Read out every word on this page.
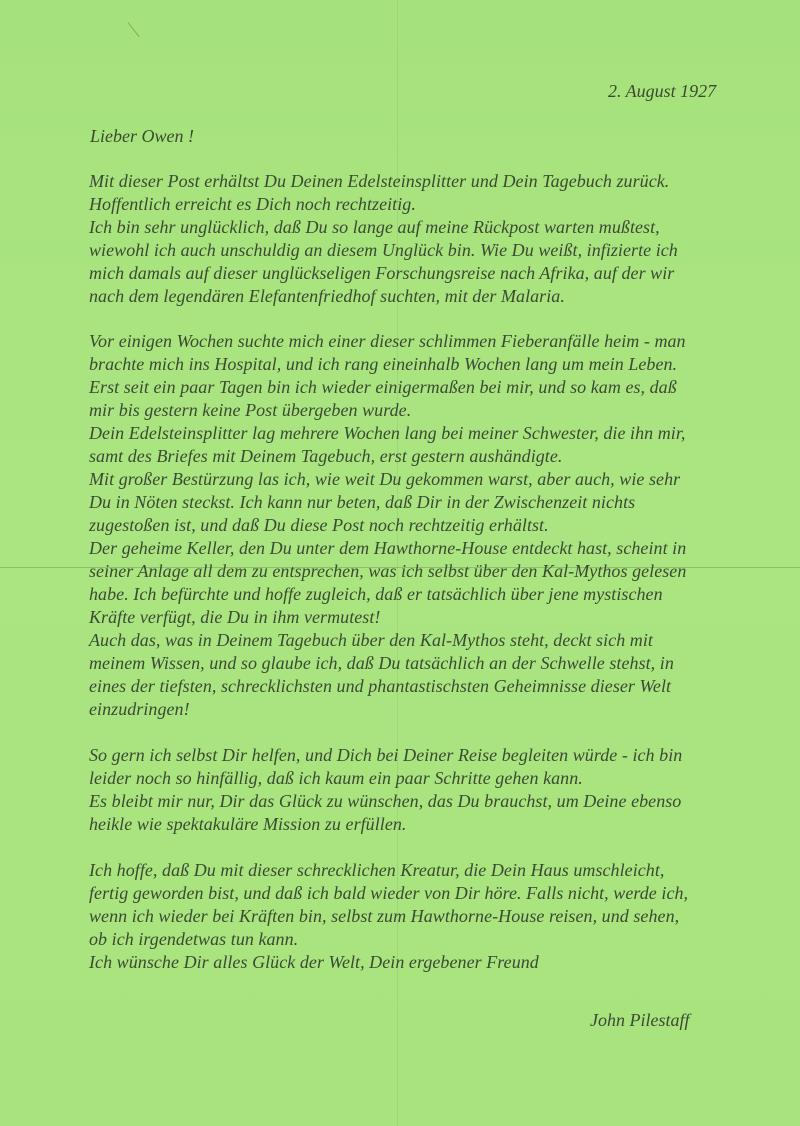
2. August 1927
Lieber Owen !
Mit dieser Post erhältst Du Deinen Edelsteinsplitter und Dein Tagebuch zurück.
Hoffentlich erreicht es Dich noch rechtzeitig.
Ich bin sehr unglücklich, daß Du so lange auf meine Rückpost warten mußtest,
wiewohl ich auch unschuldig an diesem Unglück bin. Wie Du weißt, infizierte ich
mich damals auf dieser unglückseligen Forschungsreise nach Afrika, auf der wir
nach dem legendären Elefantenfriedhof suchten, mit der Malaria.
Vor einigen Wochen suchte mich einer dieser schlimmen Fieberanfälle heim - man
brachte mich ins Hospital, und ich rang eineinhalb Wochen lang um mein Leben.
Erst seit ein paar Tagen bin ich wieder einigermaßen bei mir, und so kam es, daß
mir bis gestern keine Post übergeben wurde.
Dein Edelsteinsplitter lag mehrere Wochen lang bei meiner Schwester, die ihn mir,
samt des Briefes mit Deinem Tagebuch, erst gestern aushändigte.
Mit großer Bestürzung las ich, wie weit Du gekommen warst, aber auch, wie sehr
Du in Nöten steckst. Ich kann nur beten, daß Dir in der Zwischenzeit nichts
zugestoßen ist, und daß Du diese Post noch rechtzeitig erhältst.
Der geheime Keller, den Du unter dem Hawthorne-House entdeckt hast, scheint in
seiner Anlage all dem zu entsprechen, was ich selbst über den Kal-Mythos gelesen
habe. Ich befürchte und hoffe zugleich, daß er tatsächlich über jene mystischen
Kräfte verfügt, die Du in ihm vermutest!
Auch das, was in Deinem Tagebuch über den Kal-Mythos steht, deckt sich mit
meinem Wissen, und so glaube ich, daß Du tatsächlich an der Schwelle stehst, in
eines der tiefsten, schrecklichsten und phantastischsten Geheimnisse dieser Welt
einzudringen!
So gern ich selbst Dir helfen, und Dich bei Deiner Reise begleiten würde - ich bin
leider noch so hinfällig, daß ich kaum ein paar Schritte gehen kann.
Es bleibt mir nur, Dir das Glück zu wünschen, das Du brauchst, um Deine ebenso
heikle wie spektakuläre Mission zu erfüllen.
Ich hoffe, daß Du mit dieser schrecklichen Kreatur, die Dein Haus umschleicht,
fertig geworden bist, und daß ich bald wieder von Dir höre. Falls nicht, werde ich,
wenn ich wieder bei Kräften bin, selbst zum Hawthorne-House reisen, und sehen,
ob ich irgendetwas tun kann.
Ich wünsche Dir alles Glück der Welt, Dein ergebener Freund
John Pilestaff
